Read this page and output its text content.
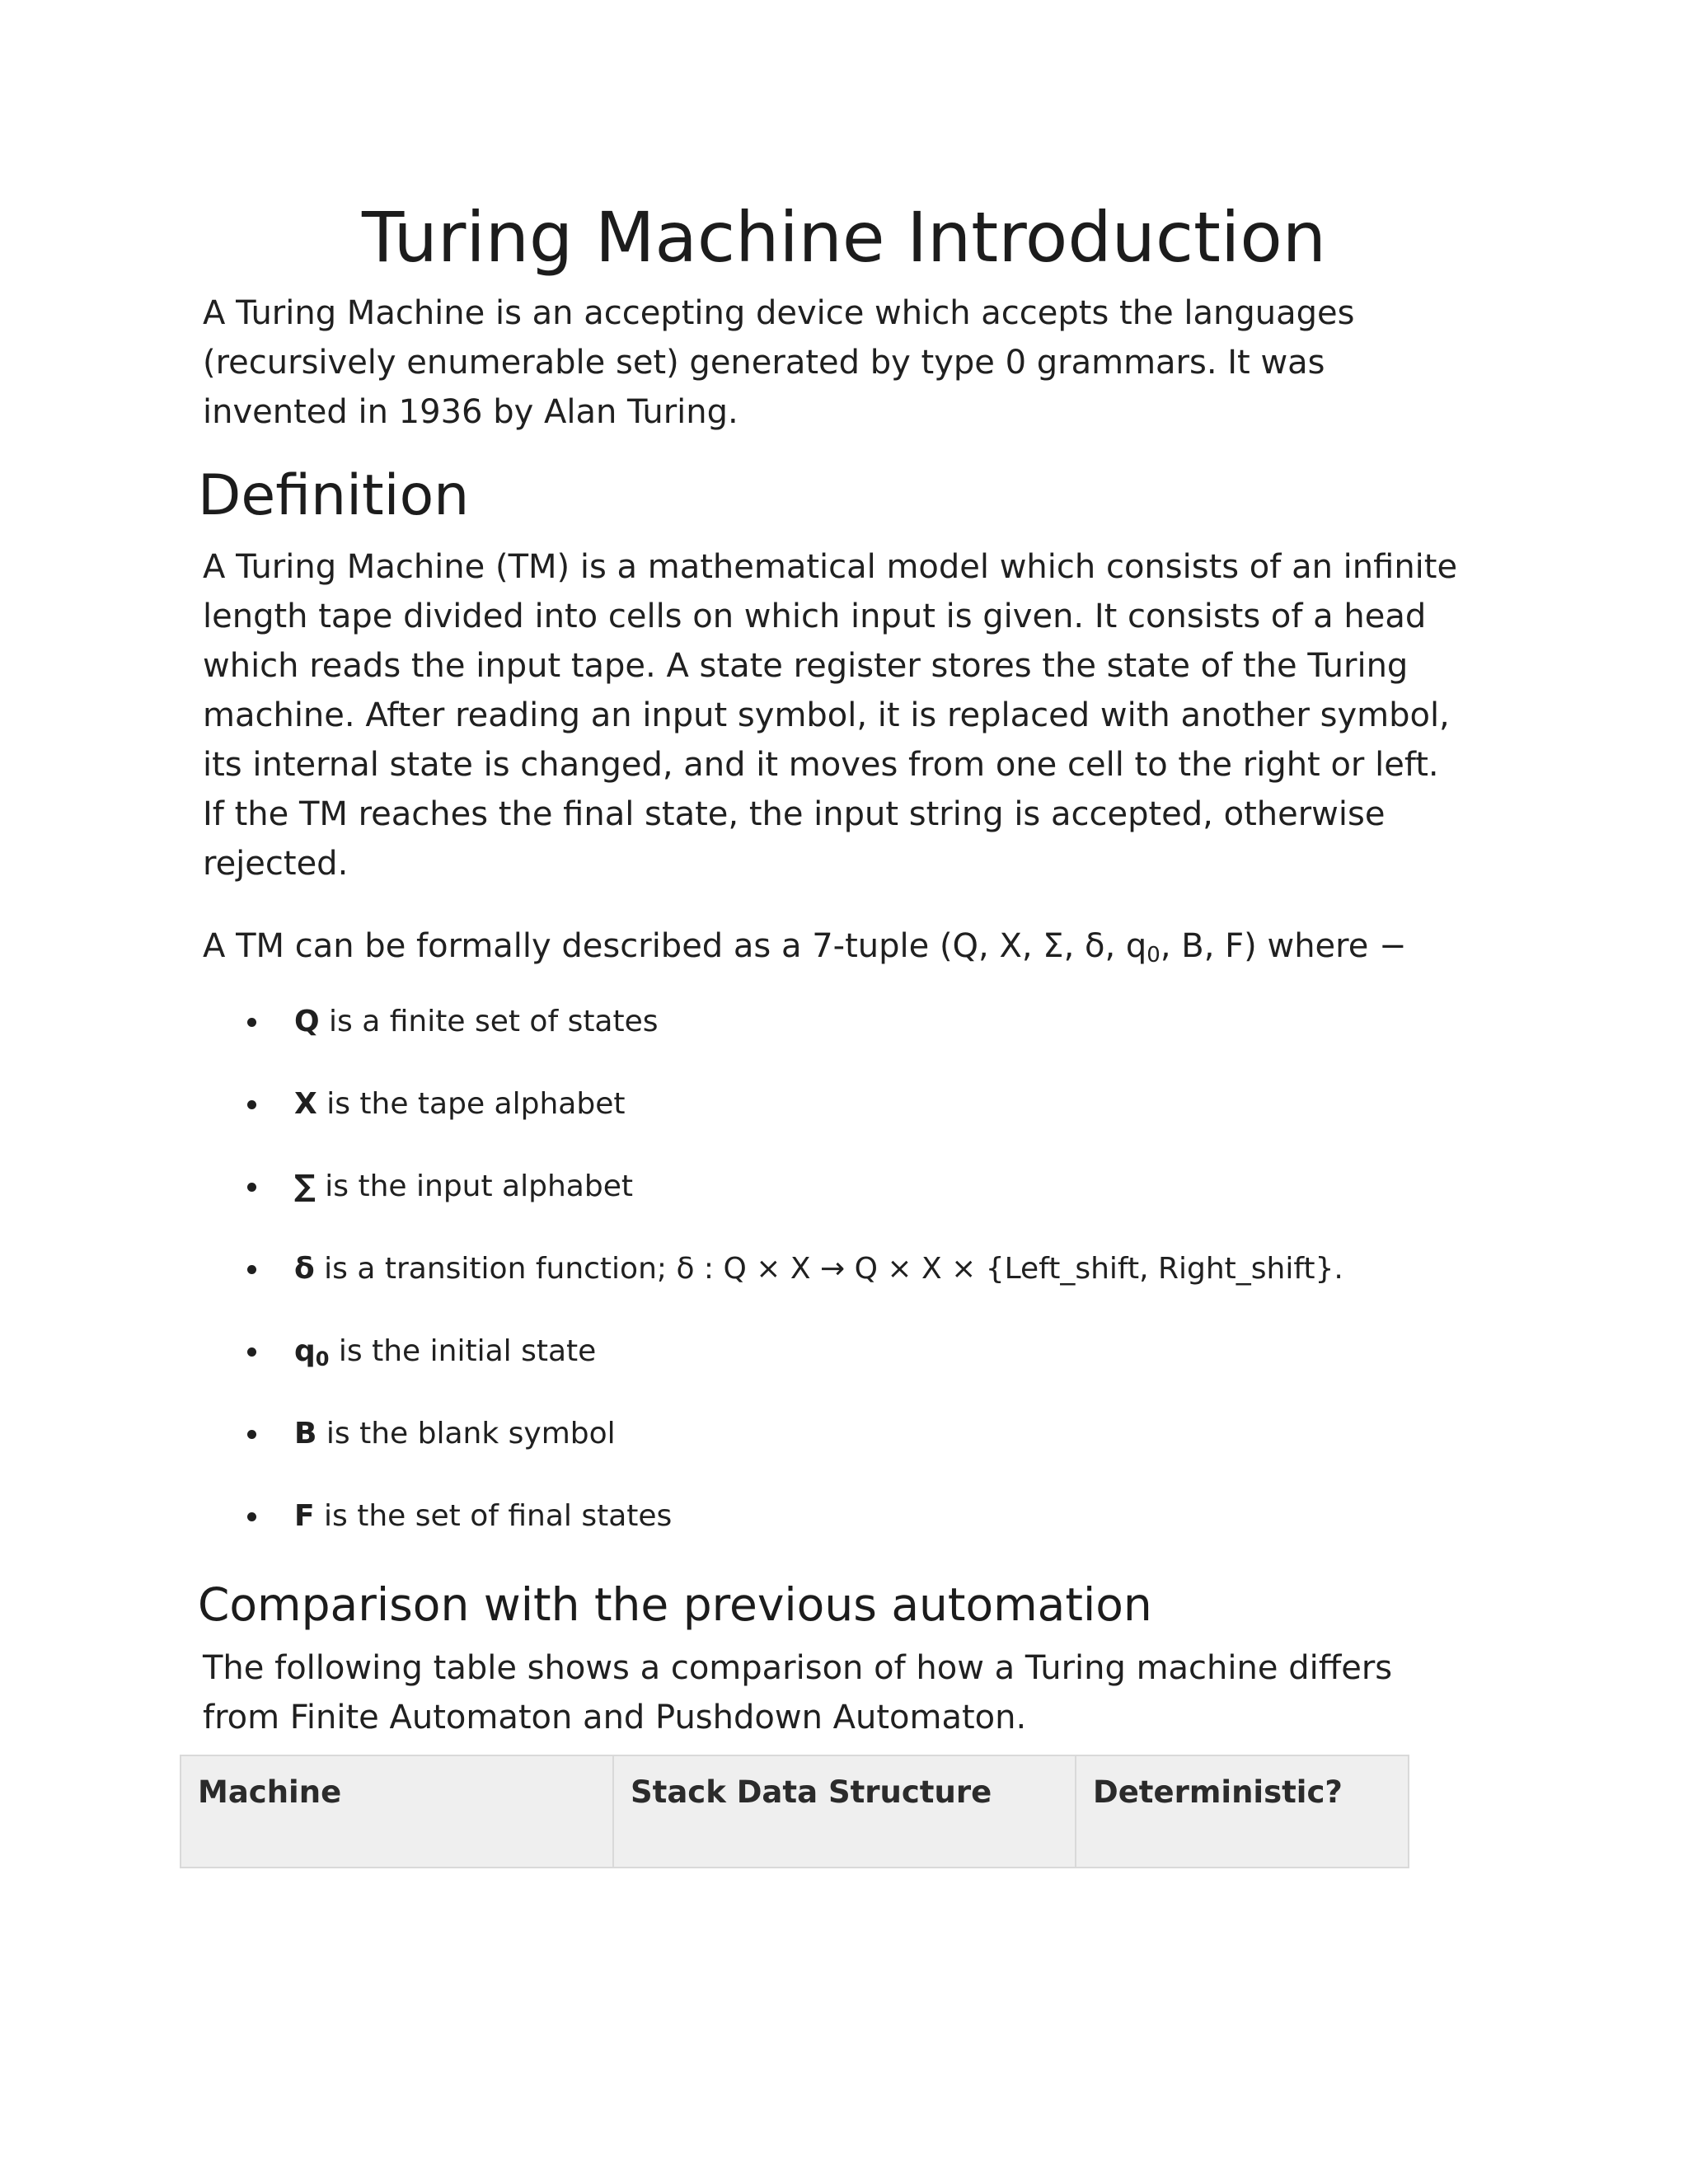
Turing Machine Introduction
A Turing Machine is an accepting device which accepts the languages
(recursively enumerable set) generated by type 0 grammars. It was
invented in 1936 by Alan Turing.
Definition
A Turing Machine (TM) is a mathematical model which consists of an infinite
length tape divided into cells on which input is given. It consists of a head
which reads the input tape. A state register stores the state of the Turing
machine. After reading an input symbol, it is replaced with another symbol,
its internal state is changed, and it moves from one cell to the right or left.
If the TM reaches the final state, the input string is accepted, otherwise
rejected.

A TM can be formally described as a 7-tuple (Q, X, Σ, δ, $q_0$, B, F) where −

Q is a finite set of states
X is the tape alphabet
∑ is the input alphabet
δ is a transition function; δ : Q × X → Q × X × {Left_shift, Right_shift}.
$q_0$ is the initial state
B is the blank symbol
F is the set of final states
Comparison with the previous automation
The following table shows a comparison of how a Turing machine differs
from Finite Automaton and Pushdown Automaton.
Machine	Stack Data Structure	Deterministic?
